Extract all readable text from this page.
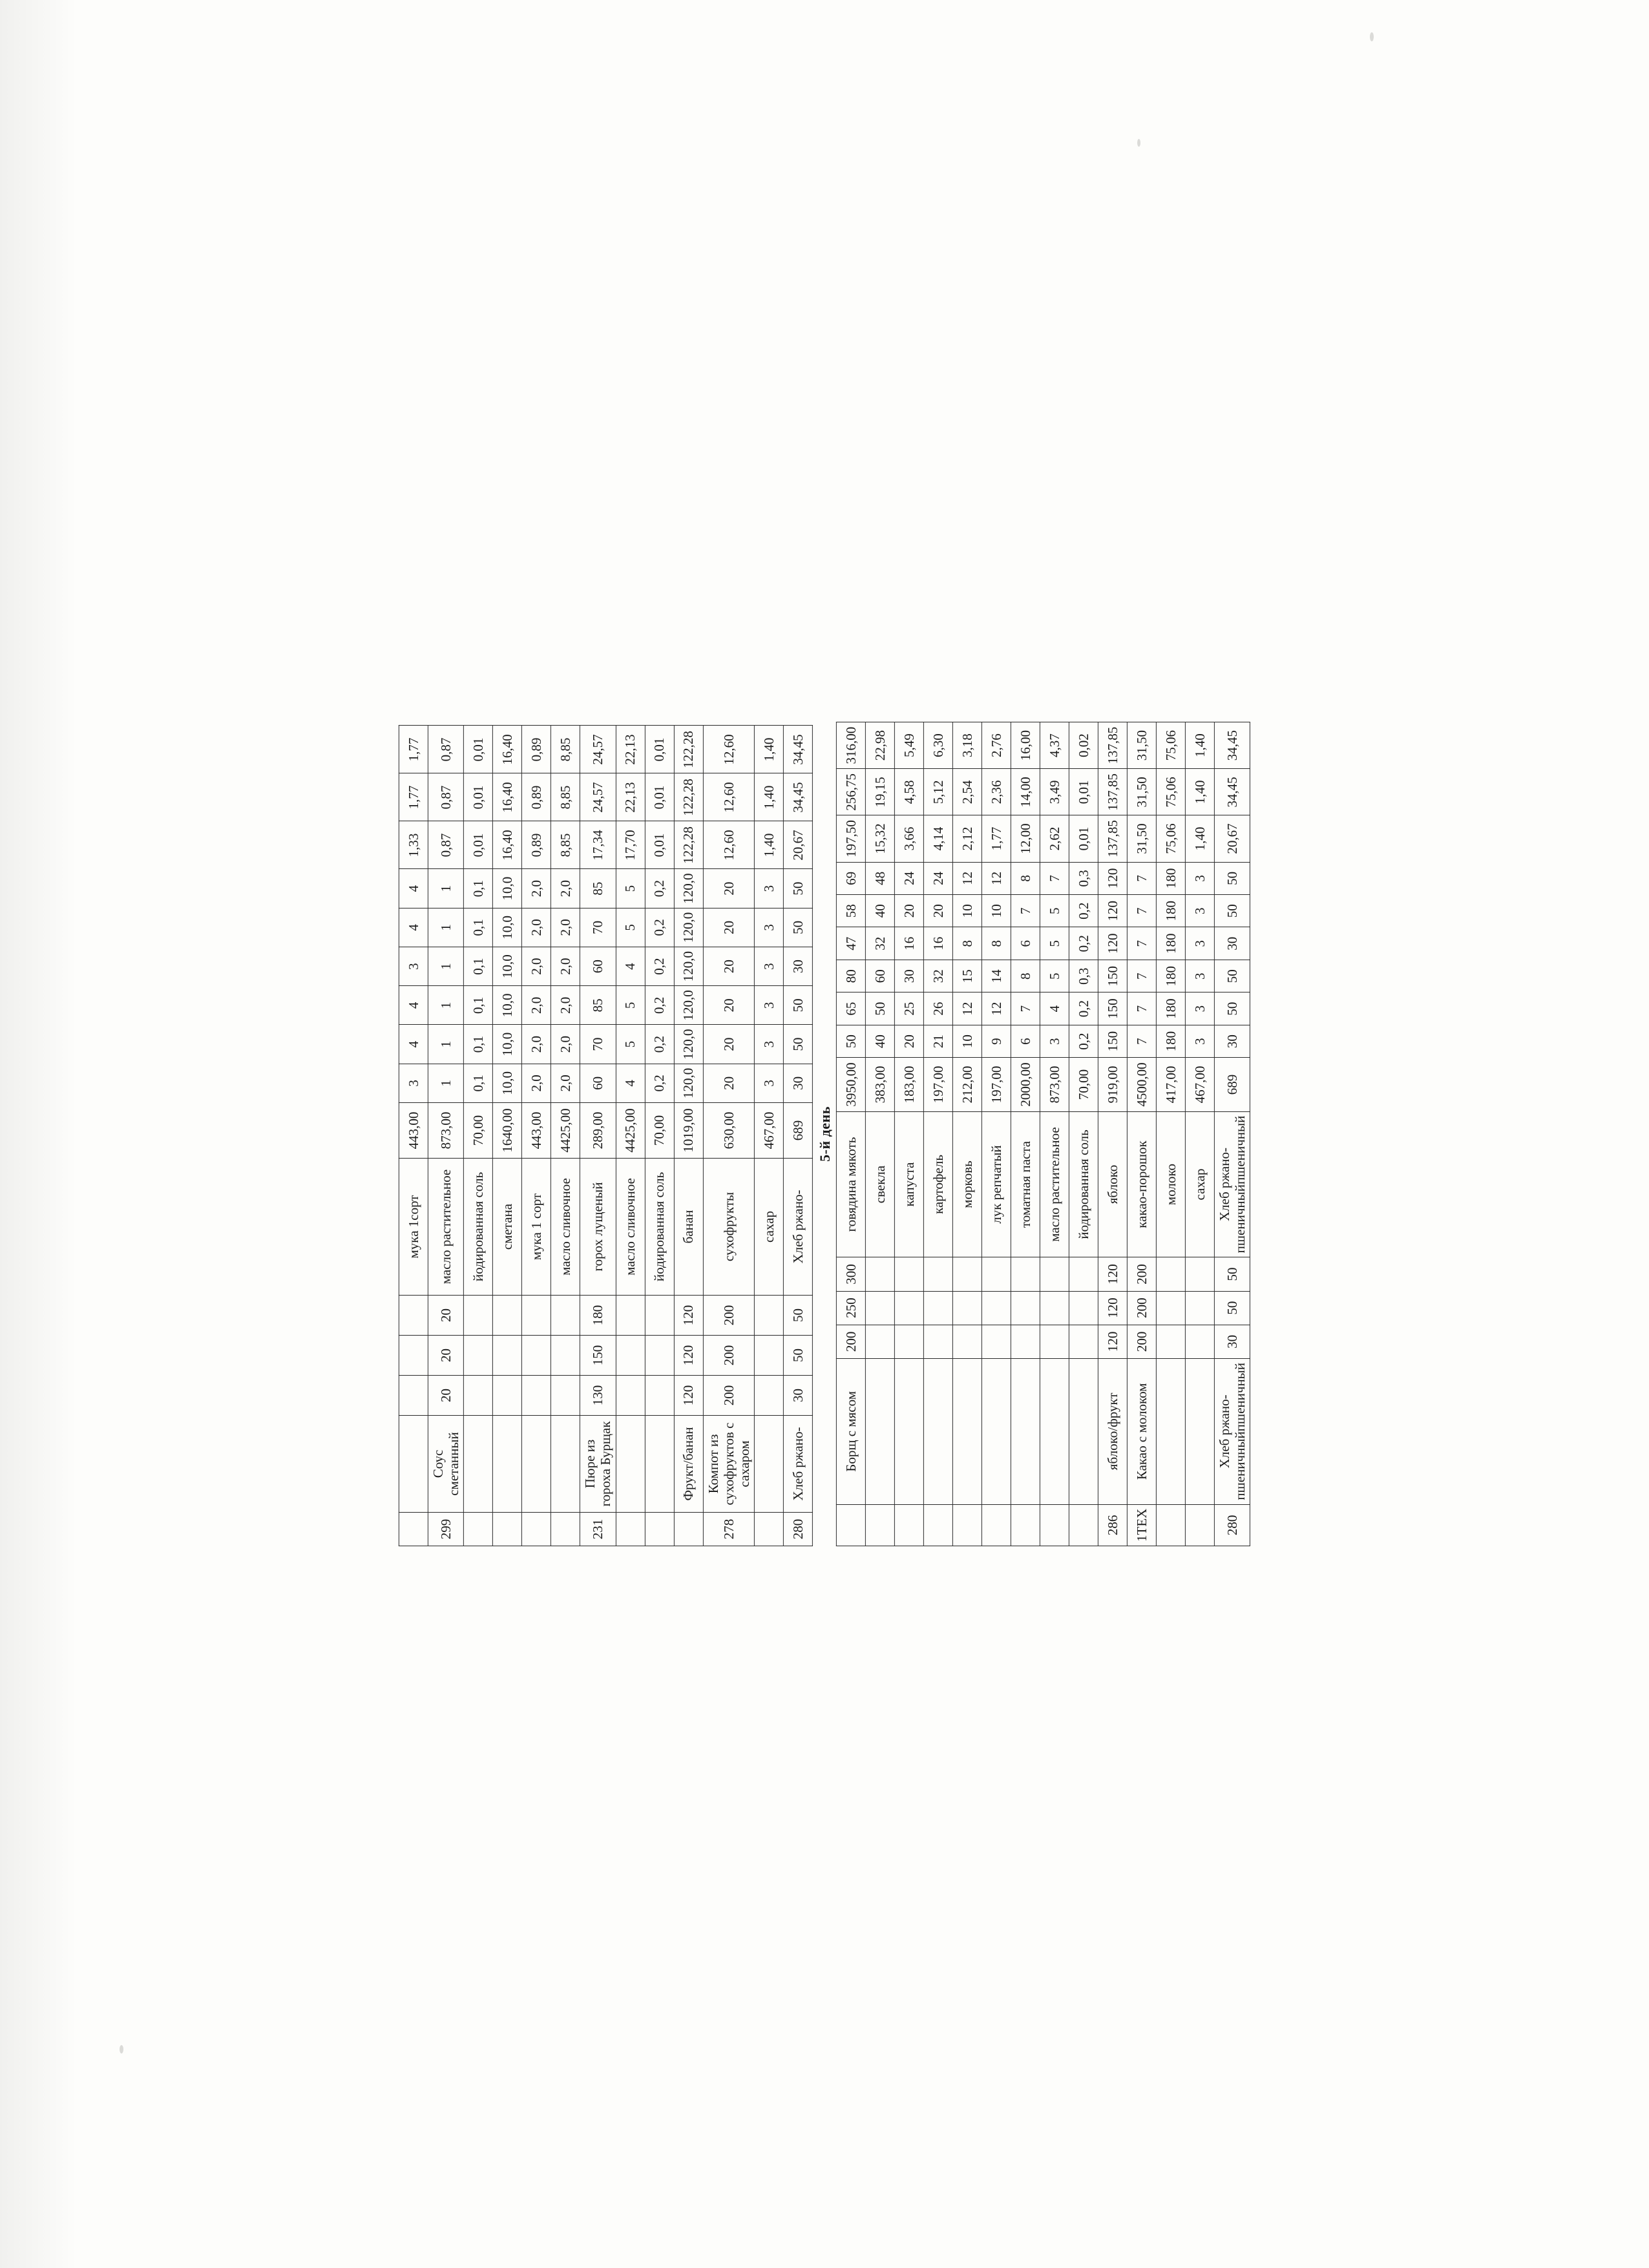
					мука 1сорт	443,00	3	4	4	3	4	4	1,33	1,77	1,77
299	Соус сметанный	20	20	20	масло растительное	873,00	1	1	1	1	1	1	0,87	0,87	0,87
					йодированная соль	70,00	0,1	0,1	0,1	0,1	0,1	0,1	0,01	0,01	0,01
					сметана	1640,00	10,0	10,0	10,0	10,0	10,0	10,0	16,40	16,40	16,40
					мука 1 сорт	443,00	2,0	2,0	2,0	2,0	2,0	2,0	0,89	0,89	0,89
					масло сливочное	4425,00	2,0	2,0	2,0	2,0	2,0	2,0	8,85	8,85	8,85
231	Пюре из гороха Бурщак	130	150	180	горох лущеный	289,00	60	70	85	60	70	85	17,34	24,57	24,57
					масло сливочное	4425,00	4	5	5	4	5	5	17,70	22,13	22,13
					йодированная соль	70,00	0,2	0,2	0,2	0,2	0,2	0,2	0,01	0,01	0,01
	Фрукт/банан	120	120	120	банан	1019,00	120,0	120,0	120,0	120,0	120,0	120,0	122,28	122,28	122,28
278	Компот из сухофруктов с сахаром	200	200	200	сухофрукты	630,00	20	20	20	20	20	20	12,60	12,60	12,60
					сахар	467,00	3	3	3	3	3	3	1,40	1,40	1,40
280	Хлеб ржано-	30	50	50	Хлеб ржано-	689	30	50	50	30	50	50	20,67	34,45	34,45
5-й день
	Борщ с мясом	200	250	300	говядина мякоть	3950,00	50	65	80	47	58	69	197,50	256,75	316,00
					свекла	383,00	40	50	60	32	40	48	15,32	19,15	22,98
					капуста	183,00	20	25	30	16	20	24	3,66	4,58	5,49
					картофель	197,00	21	26	32	16	20	24	4,14	5,12	6,30
					морковь	212,00	10	12	15	8	10	12	2,12	2,54	3,18
					лук репчатый	197,00	9	12	14	8	10	12	1,77	2,36	2,76
					томатная паста	2000,00	6	7	8	6	7	8	12,00	14,00	16,00
					масло растительное	873,00	3	4	5	5	5	7	2,62	3,49	4,37
					йодированная соль	70,00	0,2	0,2	0,3	0,2	0,2	0,3	0,01	0,01	0,02
286	яблоко/фрукт	120	120	120	яблоко	919,00	150	150	150	120	120	120	137,85	137,85	137,85
1ТЕХ	Какао с молоком	200	200	200	какао-порошок	4500,00	7	7	7	7	7	7	31,50	31,50	31,50
					молоко	417,00	180	180	180	180	180	180	75,06	75,06	75,06
					сахар	467,00	3	3	3	3	3	3	1,40	1,40	1,40
280	Хлеб ржано-пшеничныйпшеничный	30	50	50	Хлеб ржано-пшеничныйпшеничный	689	30	50	50	30	50	50	20,67	34,45	34,45
